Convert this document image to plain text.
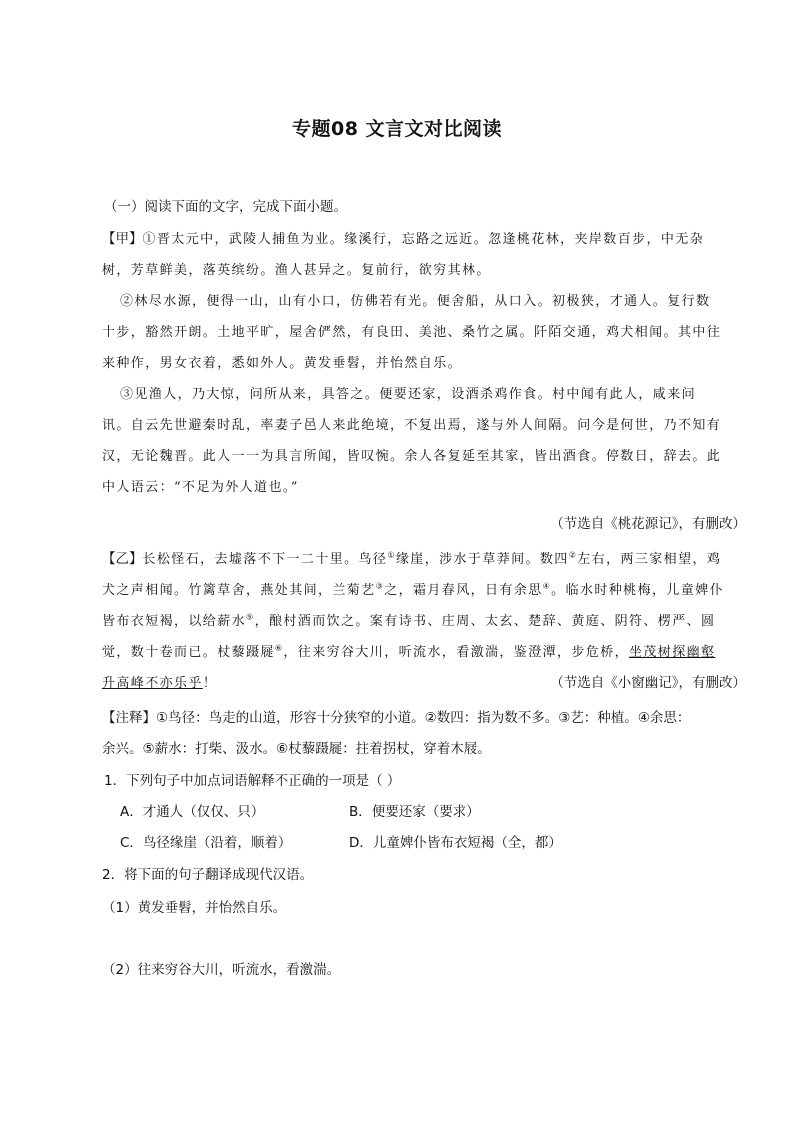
专题08 文言文对比阅读

（一）阅读下面的文字，完成下面小题。

【甲】①晋太元中，武陵人捕鱼为业。缘溪行，忘路之远近。忽逢桃花林，夹岸数百步，中无杂树，芳草鲜美，落英缤纷。渔人甚异之。复前行，欲穷其林。

②林尽水源，便得一山，山有小口，仿佛若有光。便舍船，从口入。初极狭，才通人。复行数十步，豁然开朗。土地平旷，屋舍俨然，有良田、美池、桑竹之属。阡陌交通，鸡犬相闻。其中往来种作，男女衣着，悉如外人。黄发垂髫，并怡然自乐。

③见渔人，乃大惊，问所从来，具答之。便要还家，设酒杀鸡作食。村中闻有此人，咸来问讯。自云先世避秦时乱，率妻子邑人来此绝境，不复出焉，遂与外人间隔。问今是何世，乃不知有汉，无论魏晋。此人一一为具言所闻，皆叹惋。余人各复延至其家，皆出酒食。停数日，辞去。此中人语云：“不足为外人道也。”

（节选自《桃花源记》，有删改）

【乙】长松怪石，去墟落不下一二十里。鸟径①缘崖，涉水于草莽间。数四②左右，两三家相望，鸡犬之声相闻。竹篱草舍，燕处其间，兰菊艺③之，霜月春风，日有余思④。临水时种桃梅，儿童婢仆皆布衣短褐，以给薪水⑤，酿村酒而饮之。案有诗书、庄周、太玄、楚辞、黄庭、阴符、楞严、圆觉，数十卷而已。杖藜蹑屣⑥，往来穷谷大川，听流水，看激湍，鉴澄潭，步危桥，坐茂树探幽壑升高峰不亦乐乎！	（节选自《小窗幽记》，有删改）

【注释】①鸟径：鸟走的山道，形容十分狭窄的小道。②数四：指为数不多。③艺：种植。④余思：

余兴。⑤薪水：打柴、汲水。⑥杖藜蹑屣：拄着拐杖，穿着木屐。

1．下列句子中加点词语解释不正确的一项是（ ）
A．才通人（仅仅、只）	B．便要还家（要求）
C．鸟径缘崖（沿着，顺着）	D．儿童婢仆皆布衣短褐（全，都）
2．将下面的句子翻译成现代汉语。
（1）黄发垂髫，并怡然自乐。
（2）往来穷谷大川，听流水，看激湍。
